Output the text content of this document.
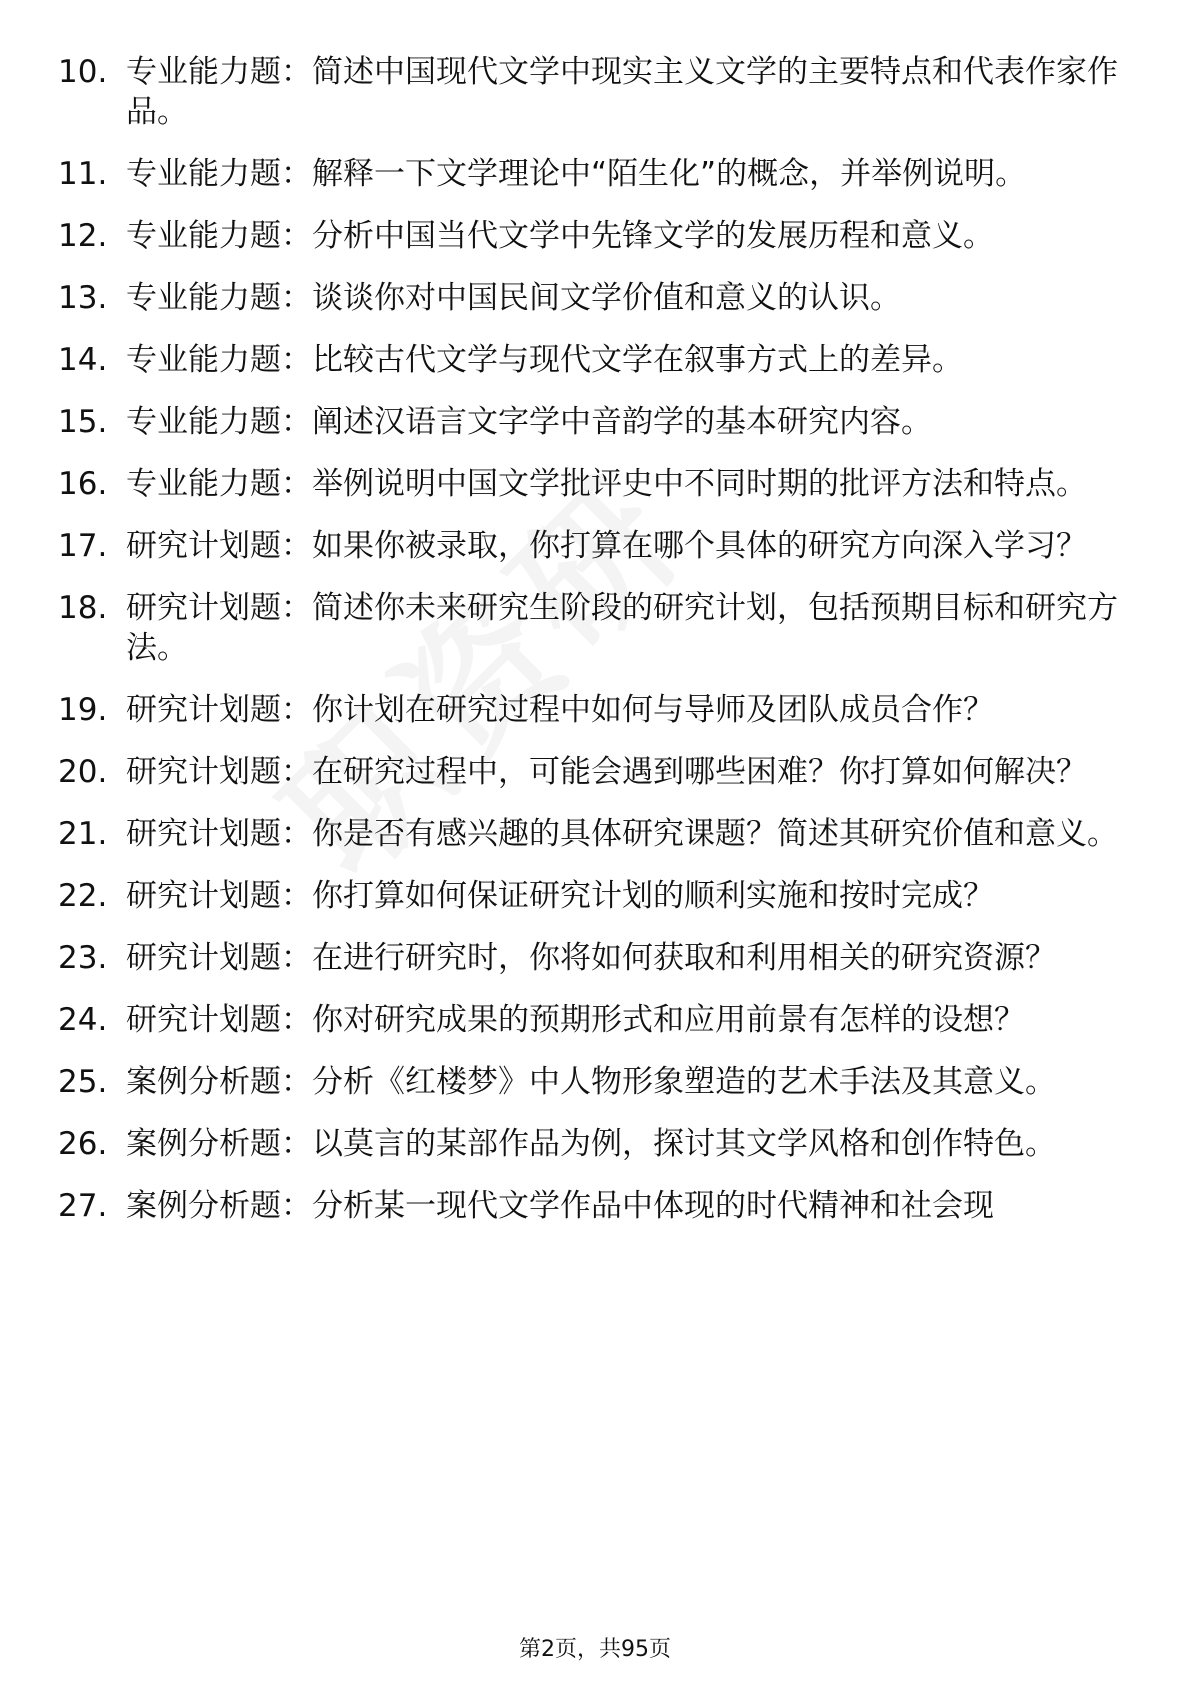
10. 专业能力题：简述中国现代文学中现实主义文学的主要特点和代表作家作品。
11. 专业能力题：解释一下文学理论中“陌生化”的概念，并举例说明。
12. 专业能力题：分析中国当代文学中先锋文学的发展历程和意义。
13. 专业能力题：谈谈你对中国民间文学价值和意义的认识。
14. 专业能力题：比较古代文学与现代文学在叙事方式上的差异。
15. 专业能力题：阐述汉语言文字学中音韵学的基本研究内容。
16. 专业能力题：举例说明中国文学批评史中不同时期的批评方法和特点。
17. 研究计划题：如果你被录取，你打算在哪个具体的研究方向深入学习？
18. 研究计划题：简述你未来研究生阶段的研究计划，包括预期目标和研究方法。
19. 研究计划题：你计划在研究过程中如何与导师及团队成员合作？
20. 研究计划题：在研究过程中，可能会遇到哪些困难？你打算如何解决？
21. 研究计划题：你是否有感兴趣的具体研究课题？简述其研究价值和意义。
22. 研究计划题：你打算如何保证研究计划的顺利实施和按时完成？
23. 研究计划题：在进行研究时，你将如何获取和利用相关的研究资源？
24. 研究计划题：你对研究成果的预期形式和应用前景有怎样的设想？
25. 案例分析题：分析《红楼梦》中人物形象塑造的艺术手法及其意义。
26. 案例分析题：以莫言的某部作品为例，探讨其文学风格和创作特色。
27. 案例分析题：分析某一现代文学作品中体现的时代精神和社会现
第2页，共95页
